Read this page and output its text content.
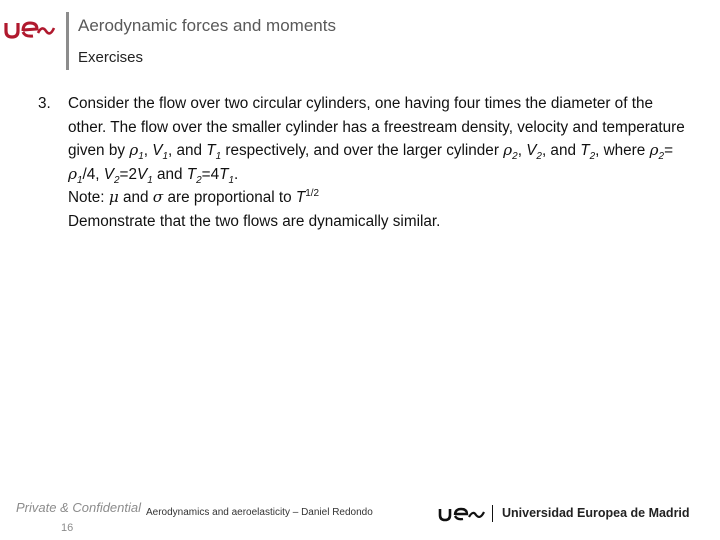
Aerodynamic forces and moments
Exercises
3. Consider the flow over two circular cylinders, one having four times the diameter of the other. The flow over the smaller cylinder has a freestream density, velocity and temperature given by $\rho_1$, $V_1$, and $T_1$ respectively, and over the larger cylinder $\rho_2$, $V_2$, and $T_2$, where $\rho_2= \rho_1/4$, $V_2=2V_1$ and $T_2=4T_1$.

Note: μ and σ are proportional to $T^{1/2}$

Demonstrate that the two flows are dynamically similar.

Private & Confidential Aerodynamics and aeroelasticity – Daniel Redondo
16
Universidad Europea de Madrid
